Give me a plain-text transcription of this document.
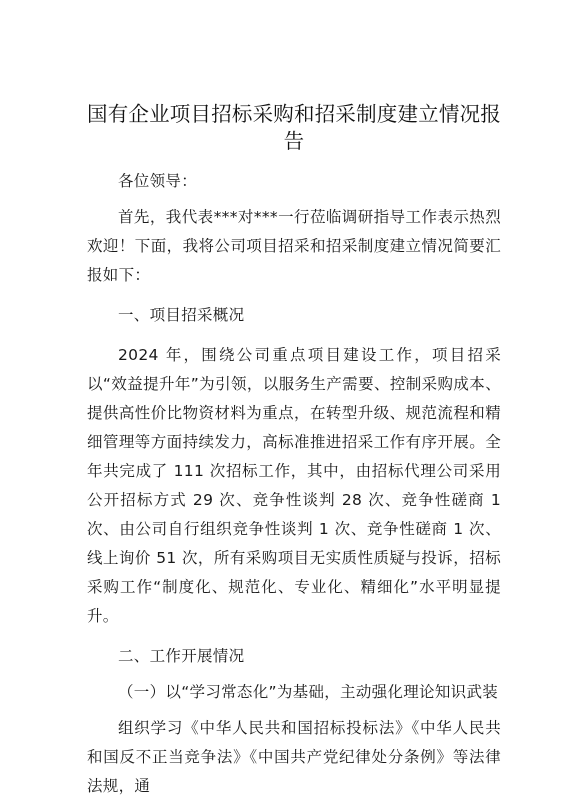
国有企业项目招标采购和招采制度建立情况报告

各位领导：

首先，我代表***对***一行莅临调研指导工作表示热烈欢迎！下面，我将公司项目招采和招采制度建立情况简要汇报如下：

一、项目招采概况

2024 年，围绕公司重点项目建设工作，项目招采以“效益提升年”为引领，以服务生产需要、控制采购成本、提供高性价比物资材料为重点，在转型升级、规范流程和精细管理等方面持续发力，高标准推进招采工作有序开展。全年共完成了 111 次招标工作，其中，由招标代理公司采用公开招标方式 29 次、竞争性谈判 28 次、竞争性磋商 1 次、由公司自行组织竞争性谈判 1 次、竞争性磋商 1 次、线上询价 51 次，所有采购项目无实质性质疑与投诉，招标采购工作“制度化、规范化、专业化、精细化”水平明显提升。

二、工作开展情况

（一）以“学习常态化”为基础，主动强化理论知识武装

组织学习《中华人民共和国招标投标法》《中华人民共和国反不正当竞争法》《中国共产党纪律处分条例》等法律法规，通
